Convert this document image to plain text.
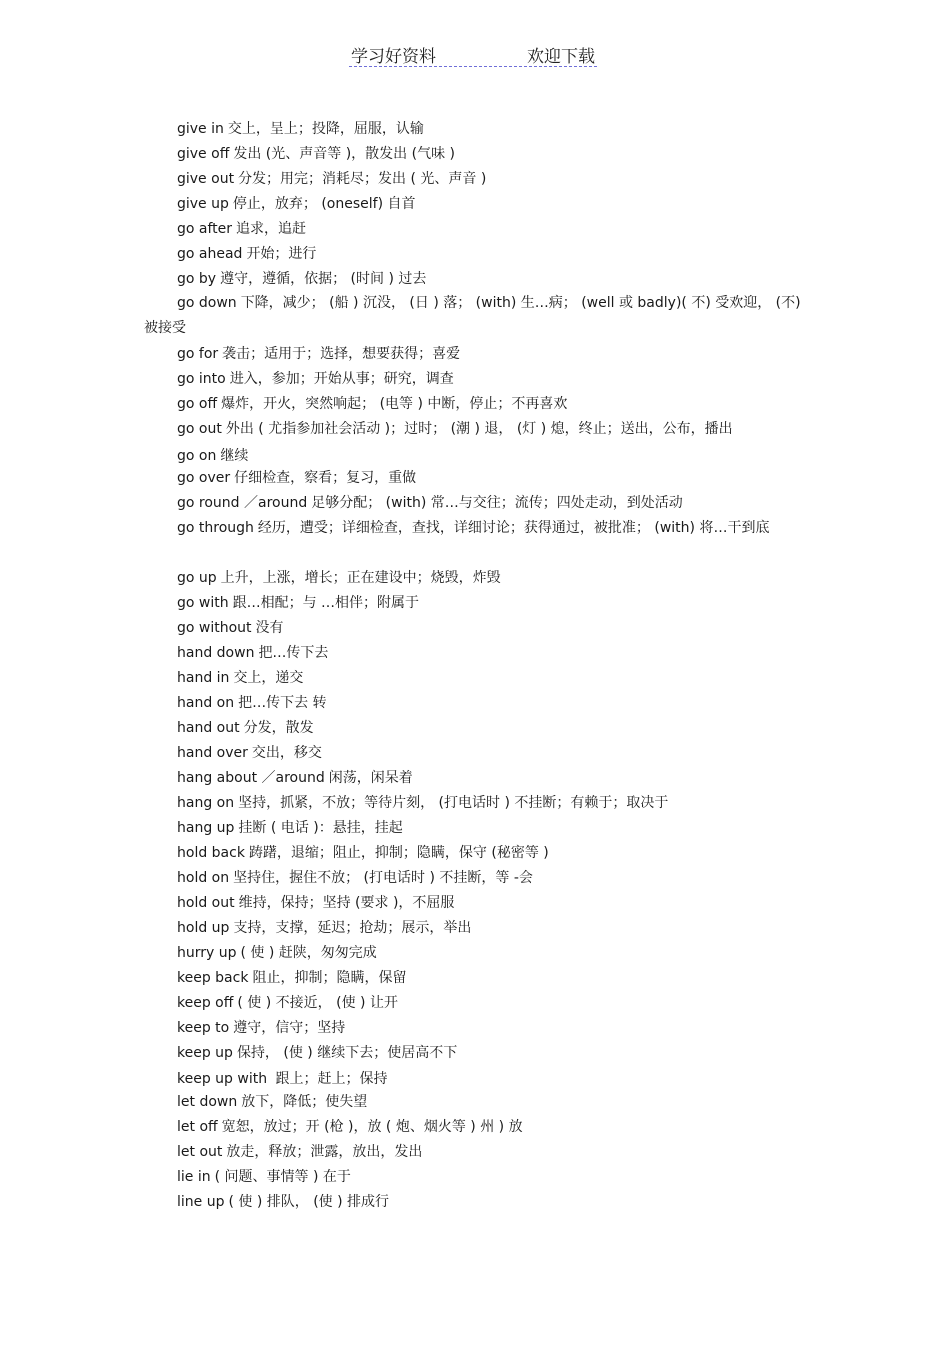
学习好资料	欢迎下载
give in 交上，呈上；投降，屈服，认输
give off 发出 (光、声音等 )，散发出 (气味 )
give out 分发；用完；消耗尽；发出 ( 光、声音 )
give up 停止，放弃； (oneself) 自首
go after 追求，追赶
go ahead 开始；进行
go by 遵守，遵循，依据； (时间 ) 过去
go down 下降，减少； (船 ) 沉没， (日 ) 落； (with) 生…病； (well 或 badly)( 不) 受欢迎， (不) 被接受
go for 袭击；适用于；选择，想要获得；喜爱
go into 进入，参加；开始从事；研究，调查
go off 爆炸，开火，突然响起； (电等 ) 中断，停止；不再喜欢
go out 外出 ( 尤指参加社会活动 )；过时； (潮 ) 退， (灯 ) 熄，终止；送出，公布，播出
go on 继续
go over 仔细检查，察看；复习，重做
go round ／around 足够分配； (with) 常…与交往；流传；四处走动，到处活动
go through 经历，遭受；详细检查，查找，详细讨论；获得通过，被批准； (with) 将…干到底
go up 上升，上涨，增长；正在建设中；烧毁，炸毁
go with 跟…相配；与 …相伴；附属于
go without 没有
hand down 把…传下去
hand in 交上，递交
hand on 把…传下去 转
hand out 分发，散发
hand over 交出，移交
hang about ／around 闲荡，闲呆着
hang on 坚持，抓紧，不放；等待片刻， (打电话时 ) 不挂断；有赖于；取决于
hang up 挂断 ( 电话 )：悬挂，挂起
hold back 踌躇，退缩；阻止，抑制；隐瞒，保守 (秘密等 )
hold on 坚持住，握住不放； (打电话时 ) 不挂断，等 -会
hold out 维持，保持；坚持 (要求 )，不屈服
hold up 支持，支撑，延迟；抢劫；展示，举出
hurry up ( 使 ) 赶陕，匆匆完成
keep back 阻止，抑制；隐瞒，保留
keep off ( 使 ) 不接近， (使 ) 让开
keep to 遵守，信守；坚持
keep up 保持， (使 ) 继续下去；使居高不下
keep up with 跟上；赶上；保持
let down 放下，降低；使失望
let off 宽恕，放过；开 (枪 )，放 ( 炮、烟火等 ) 州 ) 放
let out 放走，释放；泄露，放出，发出
lie in ( 问题、事情等 ) 在于
line up ( 使 ) 排队， (使 ) 排成行
